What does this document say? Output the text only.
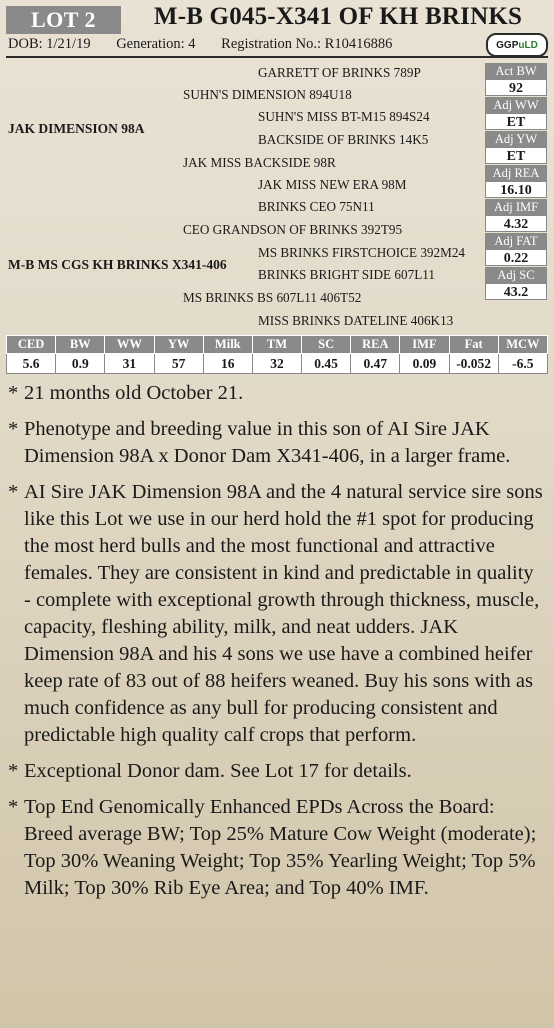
LOT 2	M-B G045-X341 OF KH BRINKS
DOB: 1/21/19 Generation: 4 Registration No.: R10416886	GGP uLD
GARRETT OF BRINKS 789P
SUHN'S DIMENSION 894U18
SUHN'S MISS BT-M15 894S24
JAK DIMENSION 98A
BACKSIDE OF BRINKS 14K5
JAK MISS BACKSIDE 98R
JAK MISS NEW ERA 98M
BRINKS CEO 75N11
CEO GRANDSON OF BRINKS 392T95
MS BRINKS FIRSTCHOICE 392M24
M-B MS CGS KH BRINKS X341-406
BRINKS BRIGHT SIDE 607L11
MS BRINKS BS 607L11 406T52
MISS BRINKS DATELINE 406K13
Act BW
92
Adj WW
ET
Adj YW
ET
Adj REA
16.10
Adj IMF
4.32
Adj FAT
0.22
Adj SC
43.2
CED	BW	WW	YW	Milk	TM	SC	REA	IMF	Fat	MCW
5.6	0.9	31	57	16	32	0.45	0.47	0.09	-0.052	-6.5
* 21 months old October 21.
* Phenotype and breeding value in this son of AI Sire JAK Dimension 98A x Donor Dam X341-406, in a larger frame.
* AI Sire JAK Dimension 98A and the 4 natural service sire sons like this Lot we use in our herd hold the #1 spot for producing the most herd bulls and the most functional and attractive females. They are consistent in kind and predictable in quality - complete with exceptional growth through thickness, muscle, capacity, fleshing ability, milk, and neat udders. JAK Dimension 98A and his 4 sons we use have a combined heifer keep rate of 83 out of 88 heifers weaned. Buy his sons with as much confidence as any bull for producing consistent and predictable high quality calf crops that perform.
* Exceptional Donor dam. See Lot 17 for details.
* Top End Genomically Enhanced EPDs Across the Board: Breed average BW; Top 25% Mature Cow Weight (moderate); Top 30% Weaning Weight; Top 35% Yearling Weight; Top 5% Milk; Top 30% Rib Eye Area; and Top 40% IMF.
